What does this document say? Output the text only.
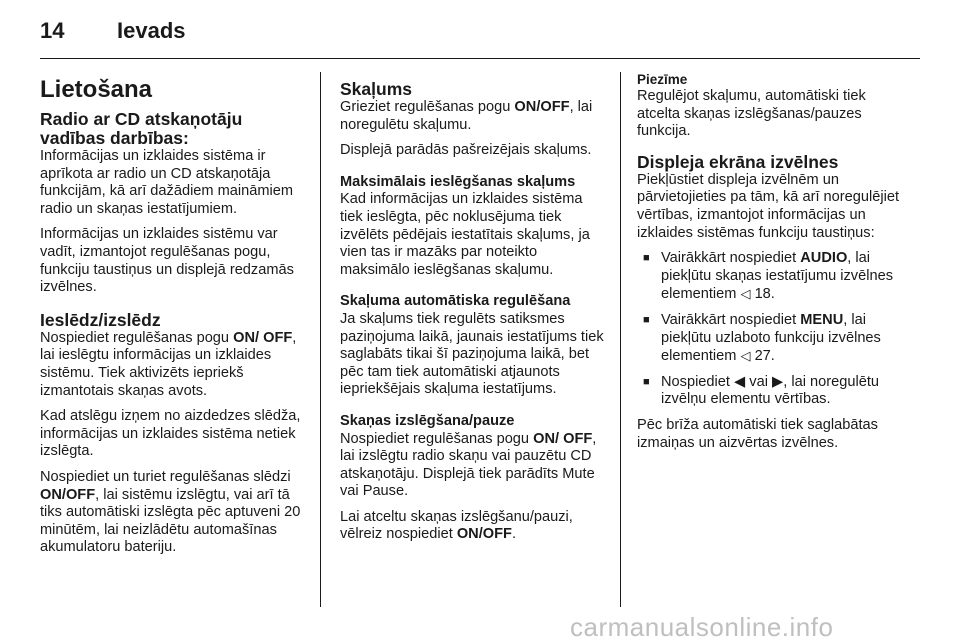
14 Ievads
Lietošana
Radio ar CD atskaņotāju vadības darbības:

Informācijas un izklaides sistēma ir aprīkota ar radio un CD atskaņotāja funkcijām, kā arī dažādiem maināmiem radio un skaņas iestatījumiem.

Informācijas un izklaides sistēmu var vadīt, izmantojot regulēšanas pogu, funkciju taustiņus un displejā redzamās izvēlnes.

Ieslēdz/izslēdz

Nospiediet regulēšanas pogu ON/ OFF, lai ieslēgtu informācijas un izklaides sistēmu. Tiek aktivizēts iepriekš izmantotais skaņas avots.

Kad atslēgu izņem no aizdedzes slēdža, informācijas un izklaides sistēma netiek izslēgta.

Nospiediet un turiet regulēšanas slēdzi ON/OFF, lai sistēmu izslēgtu, vai arī tā tiks automātiski izslēgta pēc aptuveni 20 minūtēm, lai neizlādētu automašīnas akumulatoru bateriju.

Skaļums

Grieziet regulēšanas pogu ON/OFF, lai noregulētu skaļumu.

Displejā parādās pašreizējais skaļums.

Maksimālais ieslēgšanas skaļums

Kad informācijas un izklaides sistēma tiek ieslēgta, pēc noklusējuma tiek izvēlēts pēdējais iestatītais skaļums, ja vien tas ir mazāks par noteikto maksimālo ieslēgšanas skaļumu.

Skaļuma automātiska regulēšana

Ja skaļums tiek regulēts satiksmes paziņojuma laikā, jaunais iestatījums tiek saglabāts tikai šī paziņojuma laikā, bet pēc tam tiek automātiski atjaunots iepriekšējais skaļuma iestatījums.

Skaņas izslēgšana/pauze

Nospiediet regulēšanas pogu ON/ OFF, lai izslēgtu radio skaņu vai pauzētu CD atskaņotāju. Displejā tiek parādīts Mute vai Pause.

Lai atceltu skaņas izslēgšanu/pauzi, vēlreiz nospiediet ON/OFF.

Piezīme
Regulējot skaļumu, automātiski tiek atcelta skaņas izslēgšanas/pauzes funkcija.
Displeja ekrāna izvēlnes

Piekļūstiet displeja izvēlnēm un pārvietojieties pa tām, kā arī noregulējiet vērtības, izmantojot informācijas un izklaides sistēmas funkciju taustiņus:

■ Vairākkārt nospiediet AUDIO, lai piekļūtu skaņas iestatījumu izvēlnes elementiem ◁ 18.
■ Vairākkārt nospiediet MENU, lai piekļūtu uzlaboto funkciju izvēlnes elementiem ◁ 27.
■ Nospiediet ◀ vai ▶, lai noregulētu izvēlņu elementu vērtības.

Pēc brīža automātiski tiek saglabātas izmaiņas un aizvērtas izvēlnes.

carmanualsonline.info
